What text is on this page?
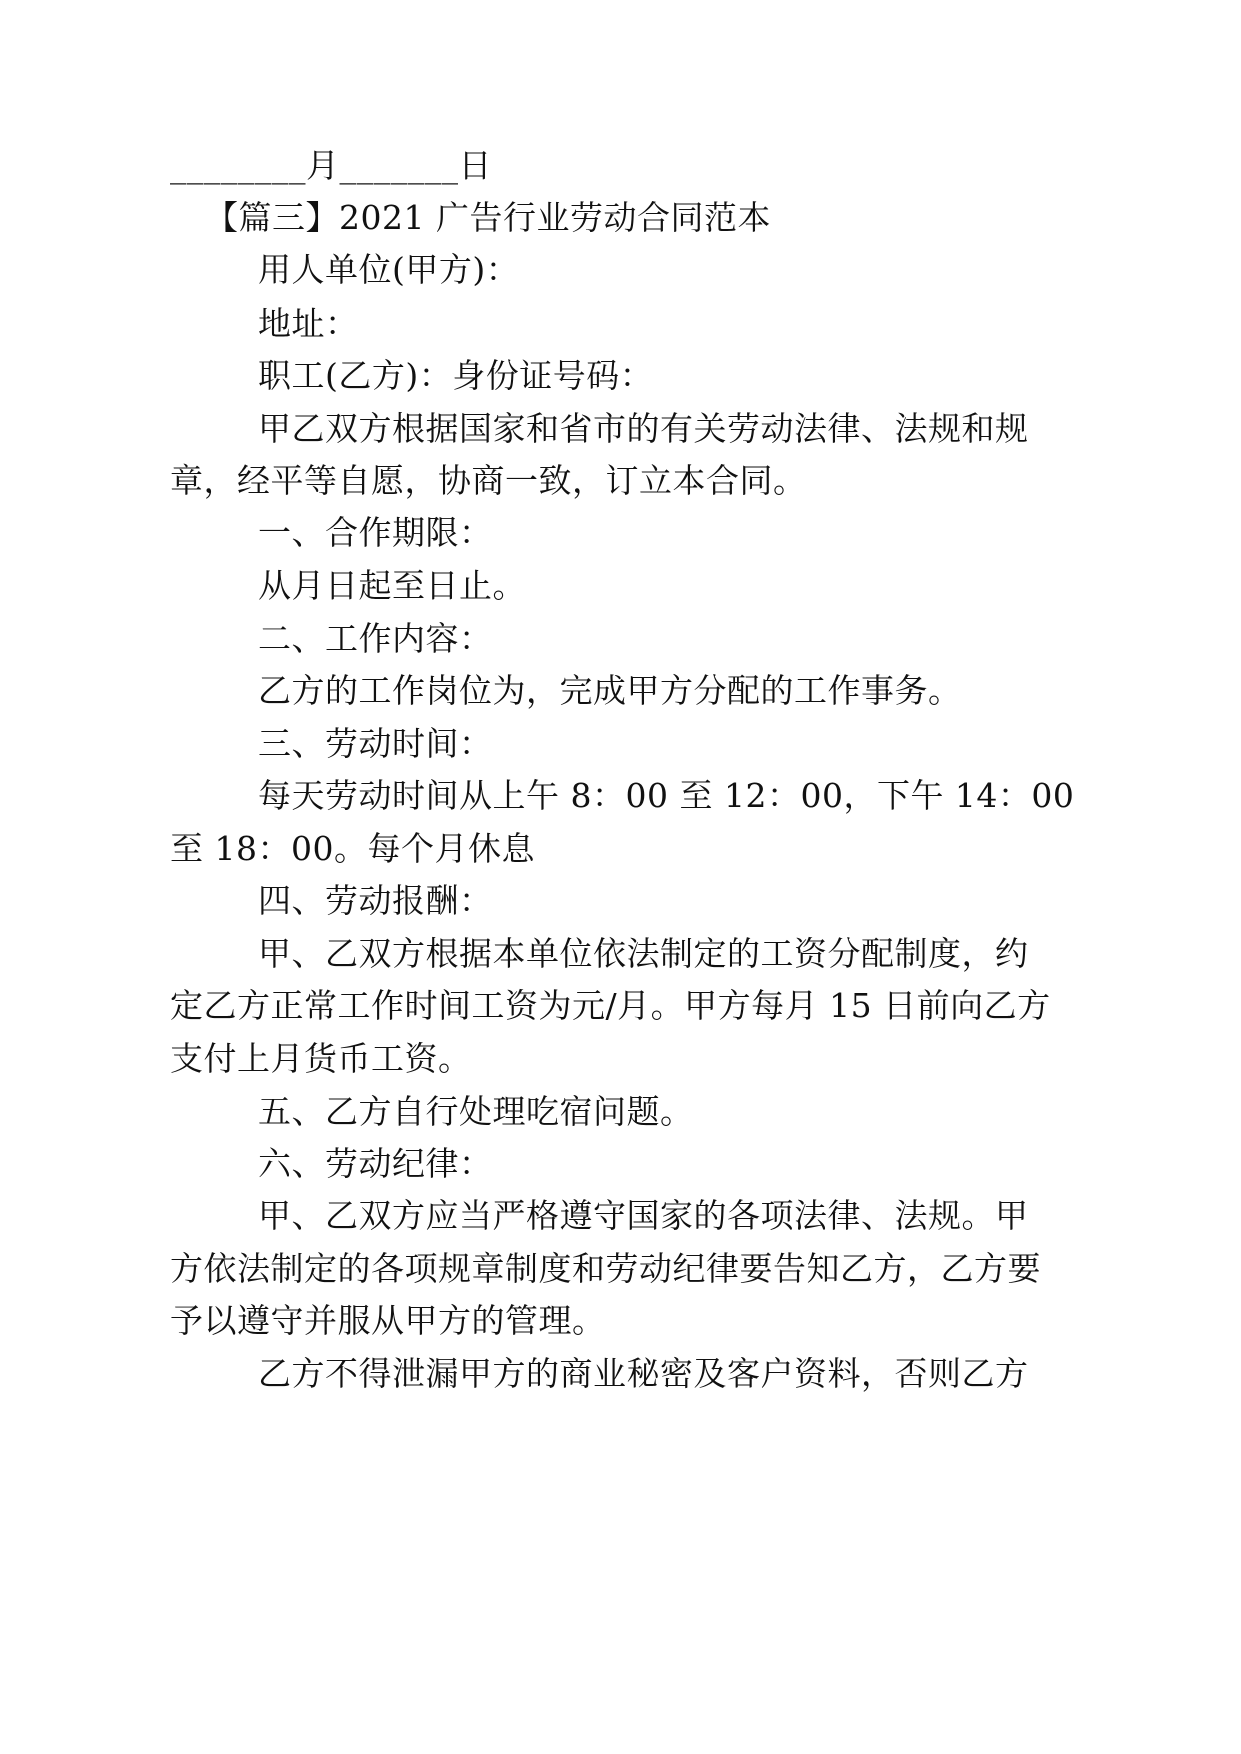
________月_______日
【篇三】2021 广告行业劳动合同范本
用人单位(甲方)：
地址：
职工(乙方)：身份证号码：
甲乙双方根据国家和省市的有关劳动法律、法规和规
章，经平等自愿，协商一致，订立本合同。
一、合作期限：
从月日起至日止。
二、工作内容：
乙方的工作岗位为，完成甲方分配的工作事务。
三、劳动时间：
每天劳动时间从上午 8：00 至 12：00，下午 14：00
至 18：00。每个月休息
四、劳动报酬：
甲、乙双方根据本单位依法制定的工资分配制度，约
定乙方正常工作时间工资为元/月。甲方每月 15 日前向乙方
支付上月货币工资。
五、乙方自行处理吃宿问题。
六、劳动纪律：
甲、乙双方应当严格遵守国家的各项法律、法规。甲
方依法制定的各项规章制度和劳动纪律要告知乙方，乙方要
予以遵守并服从甲方的管理。
乙方不得泄漏甲方的商业秘密及客户资料，否则乙方
